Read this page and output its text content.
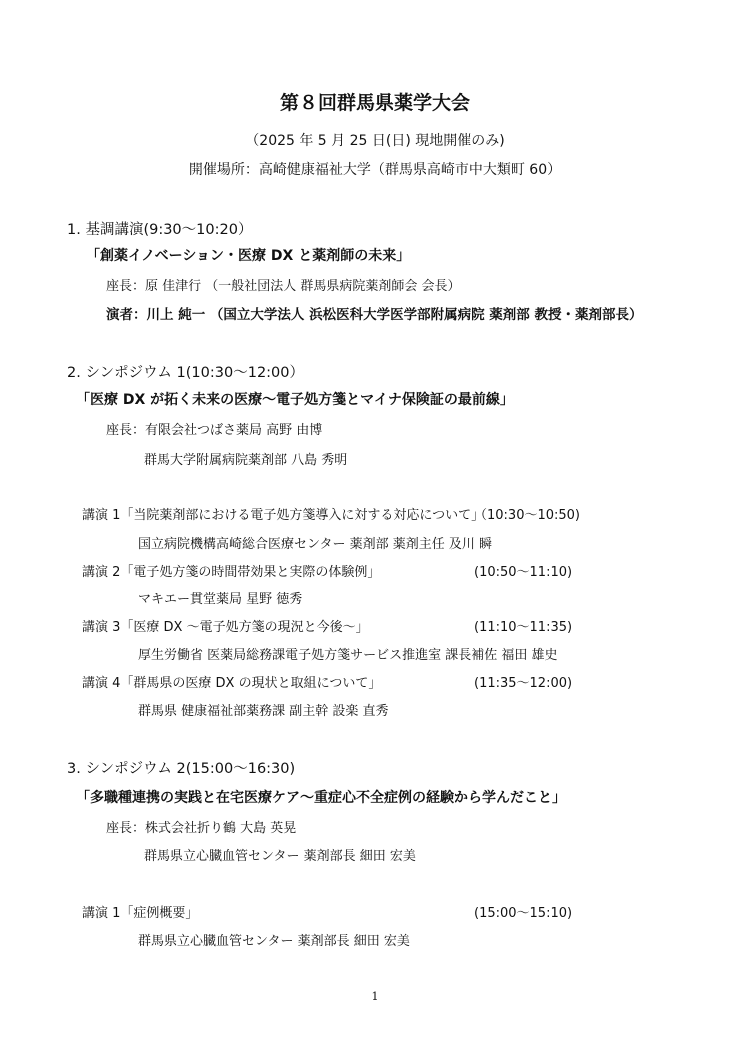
第８回群馬県薬学大会
（2025 年 5 月 25 日(日) 現地開催のみ)
開催場所：高崎健康福祉大学（群馬県高崎市中大類町 60）
1. 基調講演(9:30～10:20）
「創薬イノベーション・医療 DX と薬剤師の未来」
座長：原 佳津行 （一般社団法人 群馬県病院薬剤師会 会長）
演者：川上 純一 （国立大学法人 浜松医科大学医学部附属病院 薬剤部 教授・薬剤部長）
2. シンポジウム 1(10:30～12:00）
「医療 DX が拓く未来の医療～電子処方箋とマイナ保険証の最前線」
座長：有限会社つばさ薬局 高野 由博
群馬大学附属病院薬剤部 八島 秀明
講演 1「当院薬剤部における電子処方箋導入に対する対応について」
（10:30～10:50)
国立病院機構高崎総合医療センター 薬剤部 薬剤主任 及川 瞬
講演 2「電子処方箋の時間帯効果と実際の体験例」	(10:50～11:10)
マキエー貫堂薬局 星野 徳秀
講演 3「医療 DX ～電子処方箋の現況と今後～」	(11:10～11:35)
厚生労働省 医薬局総務課電子処方箋サービス推進室 課長補佐 福田 雄史
講演 4「群馬県の医療 DX の現状と取組について」	(11:35～12:00)
群馬県 健康福祉部薬務課 副主幹 設楽 直秀
3. シンポジウム 2(15:00～16:30)
「多職種連携の実践と在宅医療ケア～重症心不全症例の経験から学んだこと」
座長：株式会社折り鶴 大島 英晃
群馬県立心臓血管センター 薬剤部長 細田 宏美
講演 1「症例概要」	(15:00～15:10)
群馬県立心臓血管センター 薬剤部長 細田 宏美
1
